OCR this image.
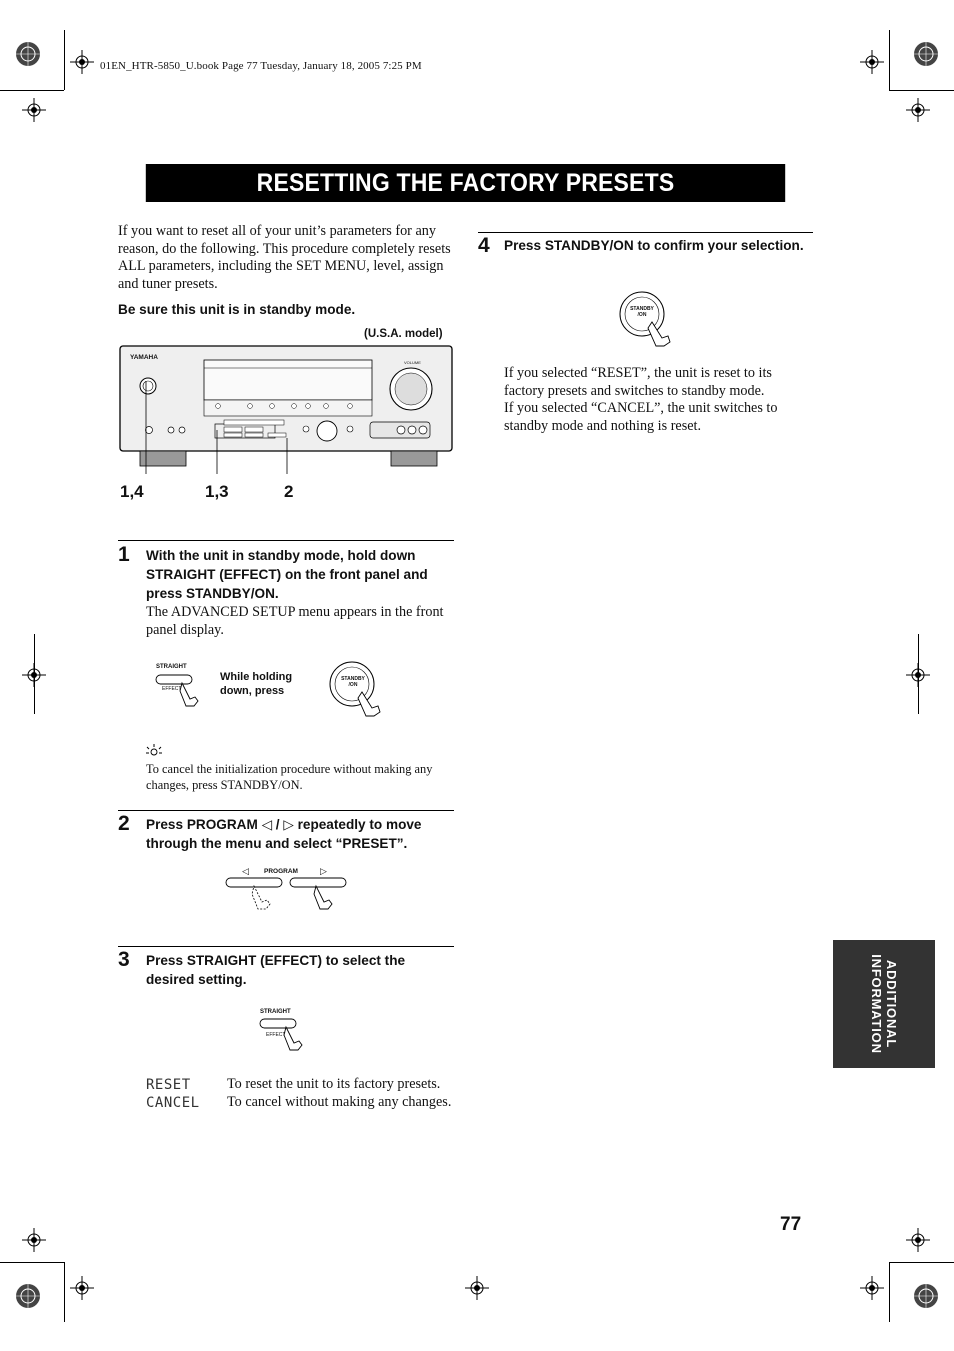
01EN_HTR-5850_U.book Page 77 Tuesday, January 18, 2005 7:25 PM
RESETTING THE FACTORY PRESETS
If you want to reset all of your unit’s parameters for any reason, do the following. This procedure completely resets ALL parameters, including the SET MENU, level, assign and tuner presets.
Be sure this unit is in standby mode.
(U.S.A. model)
YAMAHA
VOLUME
1,4	1,3	2
1 With the unit in standby mode, hold down STRAIGHT (EFFECT) on the front panel and press STANDBY/ON.
The ADVANCED SETUP menu appears in the front panel display.
STRAIGHT
EFFECT
While holding down, press
STANDBY /ON
To cancel the initialization procedure without making any changes, press STANDBY/ON.
2 Press PROGRAM ◁ / ▷ repeatedly to move through the menu and select “PRESET”.
◁ PROGRAM ▷
3 Press STRAIGHT (EFFECT) to select the desired setting.
STRAIGHT
EFFECT
RESET	To reset the unit to its factory presets.
CANCEL To cancel without making any changes.
4 Press STANDBY/ON to confirm your selection.
STANDBY /ON
If you selected “RESET”, the unit is reset to its factory presets and switches to standby mode.
If you selected “CANCEL”, the unit switches to standby mode and nothing is reset.
ADDITIONAL
INFORMATION
77
